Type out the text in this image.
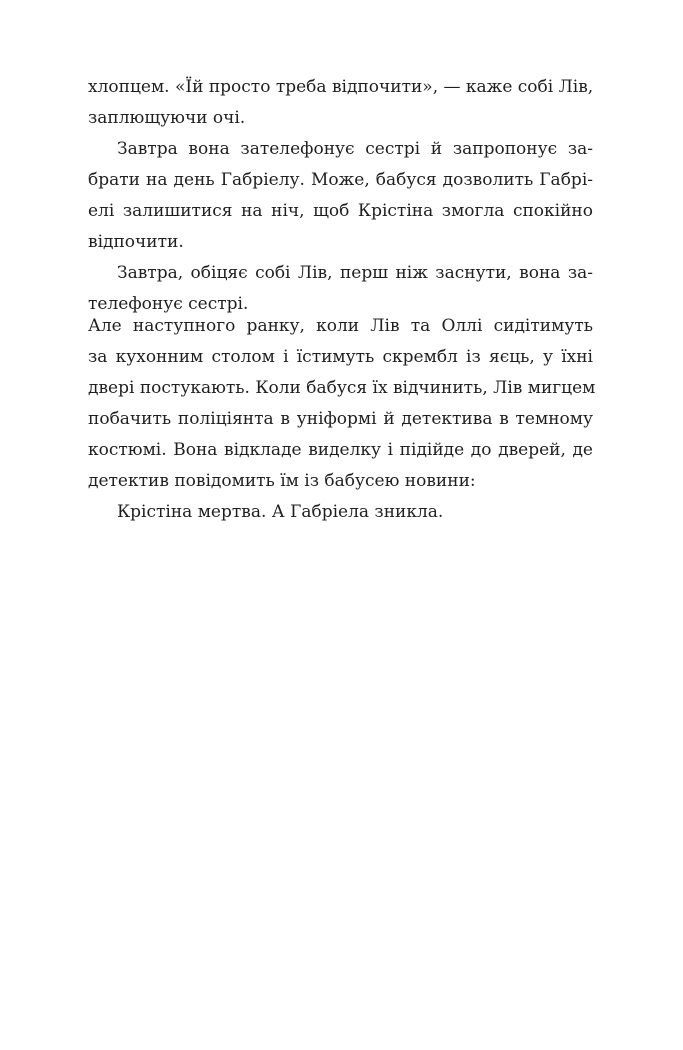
хлопцем. «Їй просто треба відпочити», — каже собі Лів,
заплющуючи очі.
Завтра вона зателефонує сестрі й запропонує за-
брати на день Габріелу. Може, бабуся дозволить Габрі-
елі залишитися на ніч, щоб Крістіна змогла спокійно
відпочити.
Завтра, обіцяє собі Лів, перш ніж заснути, вона за-
телефонує сестрі.
Але наступного ранку, коли Лів та Оллі сидітимуть
за кухонним столом і їстимуть скрембл із яєць, у їхні
двері постукають. Коли бабуся їх відчинить, Лів мигцем
побачить поліціянта в уніформі й детектива в темному
костюмі. Вона відкладе виделку і підійде до дверей, де
детектив повідомить їм із бабусею новини:
Крістіна мертва. А Габріела зникла.
